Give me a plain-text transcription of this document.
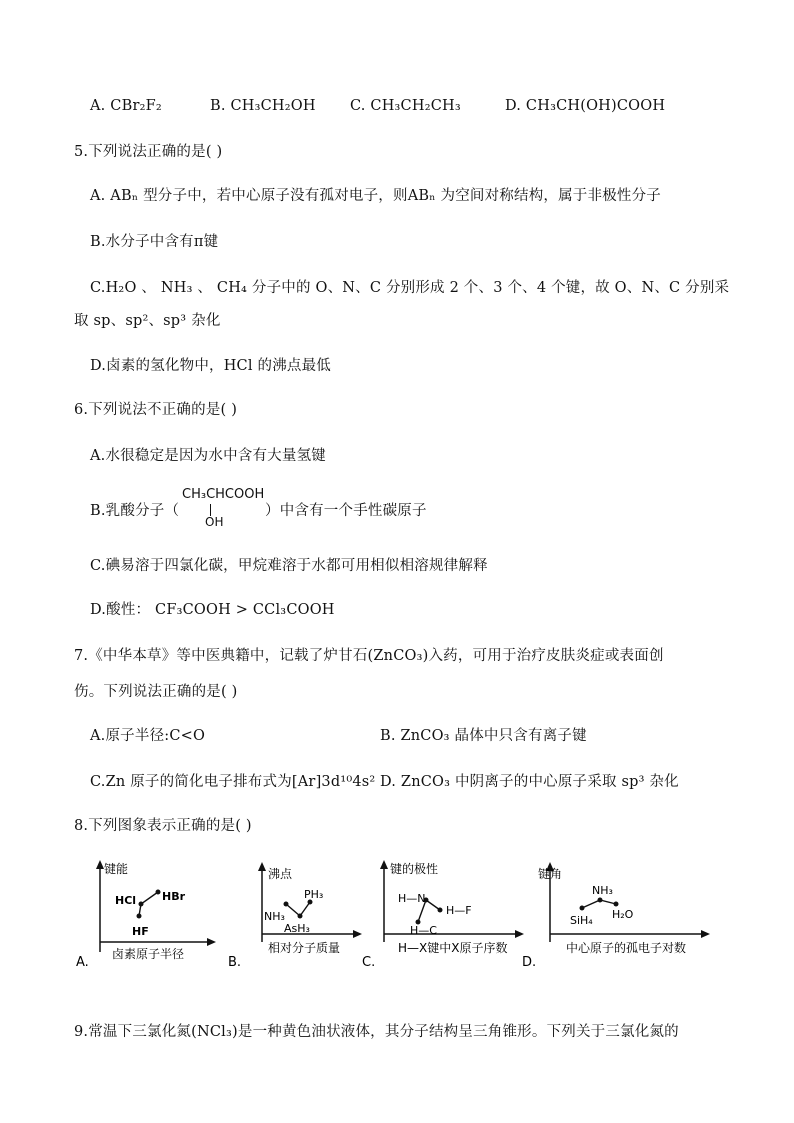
A. CBr₂F₂	B. CH₃CH₂OH C. CH₃CH₂CH₃	D. CH₃CH(OH)COOH
5.下列说法正确的是( )
A. ABₙ 型分子中，若中心原子没有孤对电子，则ABₙ 为空间对称结构，属于非极性分子
B.水分子中含有π键
C.H₂O 、 NH₃ 、 CH₄ 分子中的 O、N、C 分别形成 2 个、3 个、4 个键，故 O、N、C 分别采
取 sp、sp²、sp³ 杂化
D.卤素的氢化物中，HCl 的沸点最低
6.下列说法不正确的是( )
A.水很稳定是因为水中含有大量氢键
B.乳酸分子（
CH₃CHCOOH
OH
）中含有一个手性碳原子
C.碘易溶于四氯化碳，甲烷难溶于水都可用相似相溶规律解释
D.酸性： CF₃COOH > CCl₃COOH
7.《中华本草》等中医典籍中，记载了炉甘石(ZnCO₃)入药，可用于治疗皮肤炎症或表面创
伤。下列说法正确的是( )
A.原子半径:C<O	B. ZnCO₃ 晶体中只含有离子键
C.Zn 原子的简化电子排布式为[Ar]3d¹⁰4s² D. ZnCO₃ 中阴离子的中心原子采取 sp³ 杂化
8.下列图象表示正确的是( )
键能
卤素原子半径
A.
HF
HCl HBr
沸点
相对分子质量
B.
NH₃
AsH₃
PH₃
键的极性
H—X键中X原子序数
C.
H—C
H—N
H—F
键角
中心原子的孤电子对数
D.
SiH₄
NH₃
H₂O
9.常温下三氯化氮(NCl₃)是一种黄色油状液体，其分子结构呈三角锥形。下列关于三氯化氮的
